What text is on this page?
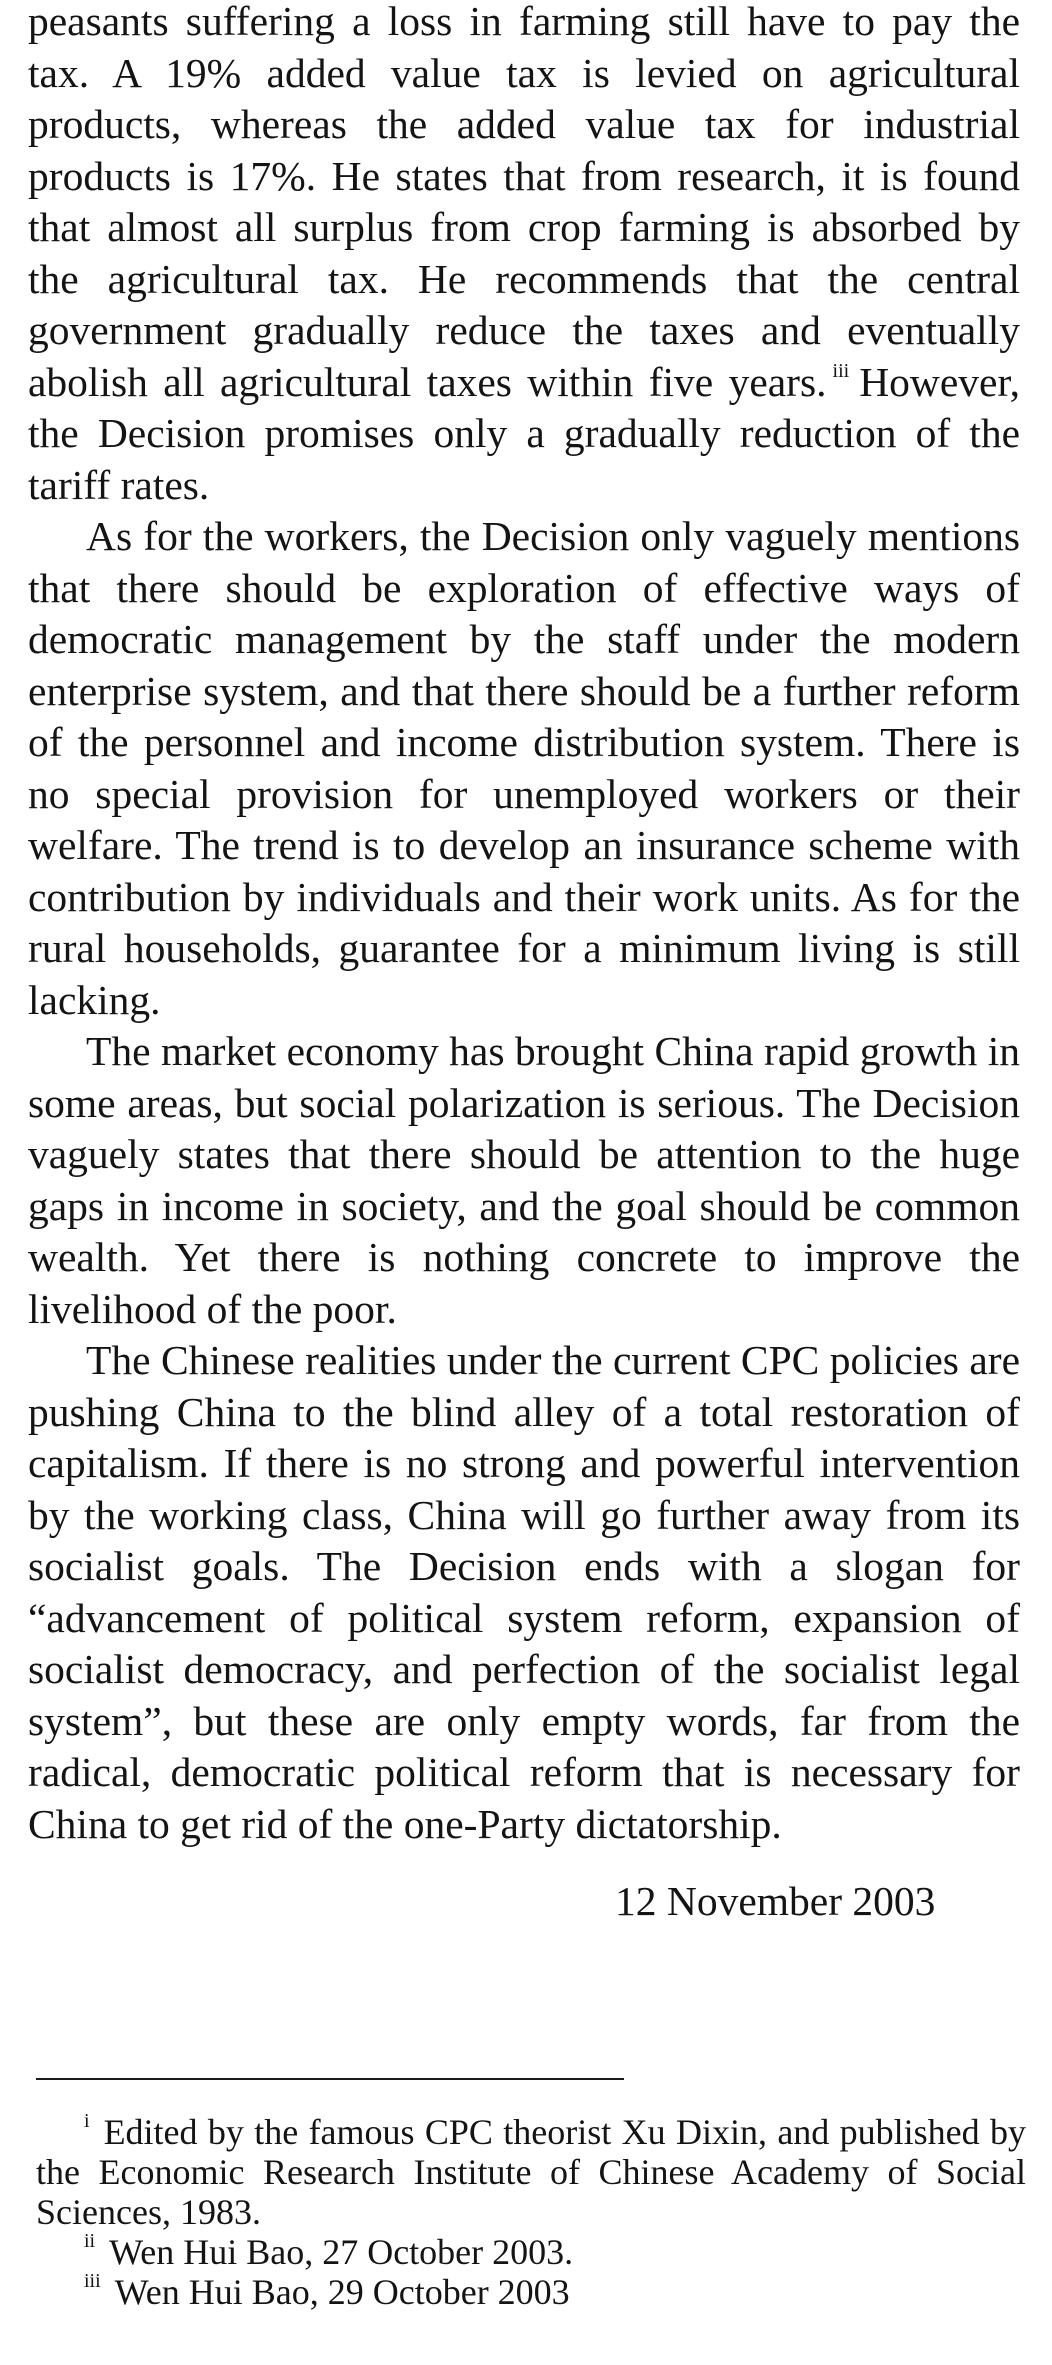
peasants suffering a loss in farming still have to pay the tax. A 19% added value tax is levied on agricultural products, whereas the added value tax for industrial products is 17%. He states that from research, it is found that almost all surplus from crop farming is absorbed by the agricultural tax. He recommends that the central government gradually reduce the taxes and eventually abolish all agricultural taxes within five years. $^{iii}$ However, the Decision promises only a gradually reduction of the tariff rates.

As for the workers, the Decision only vaguely mentions that there should be exploration of effective ways of democratic management by the staff under the modern enterprise system, and that there should be a further reform of the personnel and income distribution system. There is no special provision for unemployed workers or their welfare. The trend is to develop an insurance scheme with contribution by individuals and their work units. As for the rural households, guarantee for a minimum living is still lacking.

The market economy has brought China rapid growth in some areas, but social polarization is serious. The Decision vaguely states that there should be attention to the huge gaps in income in society, and the goal should be common wealth. Yet there is nothing concrete to improve the livelihood of the poor.

The Chinese realities under the current CPC policies are pushing China to the blind alley of a total restoration of capitalism. If there is no strong and powerful intervention by the working class, China will go further away from its socialist goals. The Decision ends with a slogan for “advancement of political system reform, expansion of socialist democracy, and perfection of the socialist legal system”, but these are only empty words, far from the radical, democratic political reform that is necessary for China to get rid of the one-Party dictatorship.

12 November 2003

$^i$ Edited by the famous CPC theorist Xu Dixin, and published by the Economic Research Institute of Chinese Academy of Social Sciences, 1983.

$^{ii}$ Wen Hui Bao, 27 October 2003.

$^{iii}$ Wen Hui Bao, 29 October 2003
